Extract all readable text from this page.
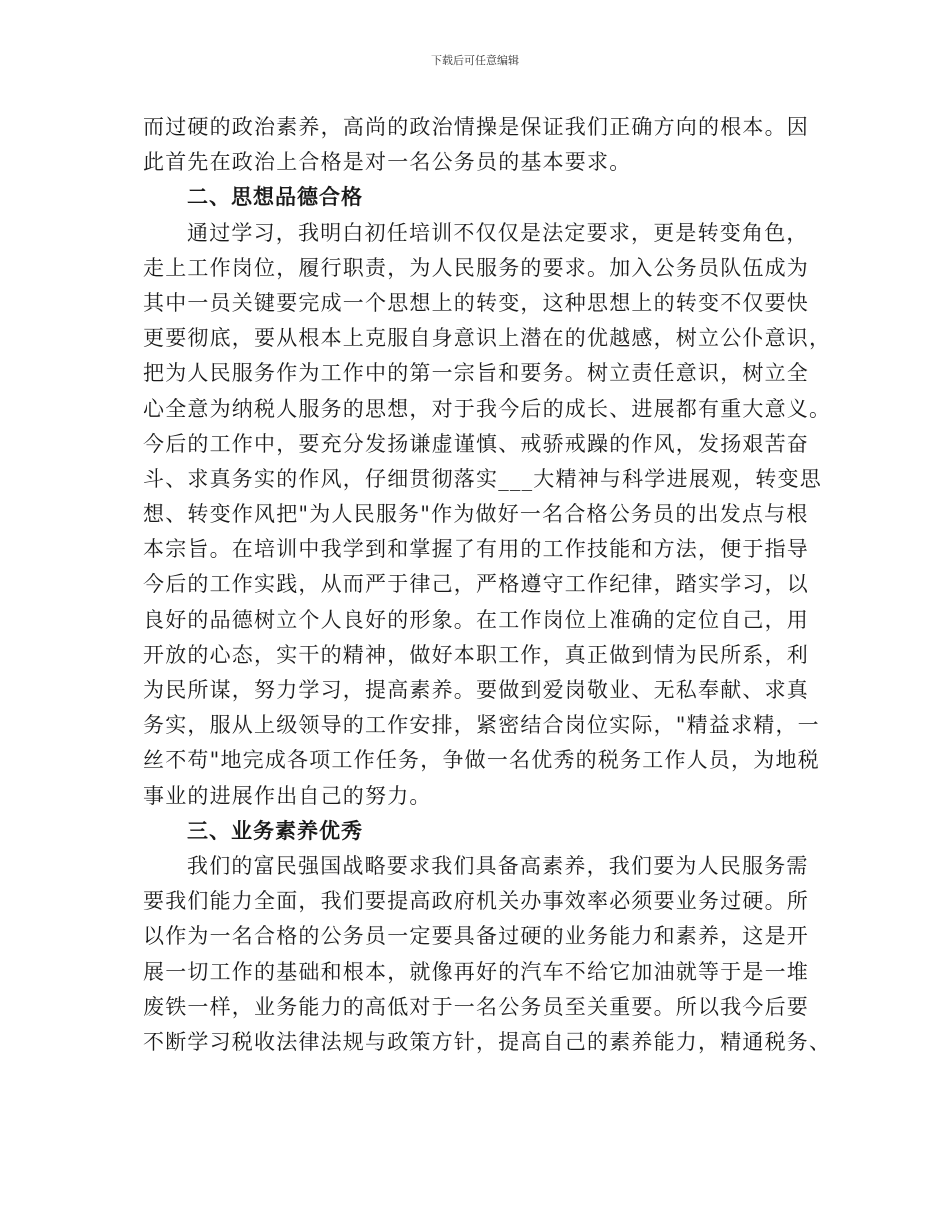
下载后可任意编辑
而过硬的政治素养，高尚的政治情操是保证我们正确方向的根本。因
此首先在政治上合格是对一名公务员的基本要求。
二、思想品德合格
通过学习，我明白初任培训不仅仅是法定要求，更是转变角色，
走上工作岗位，履行职责，为人民服务的要求。加入公务员队伍成为
其中一员关键要完成一个思想上的转变，这种思想上的转变不仅要快
更要彻底，要从根本上克服自身意识上潜在的优越感，树立公仆意识，
把为人民服务作为工作中的第一宗旨和要务。树立责任意识，树立全
心全意为纳税人服务的思想，对于我今后的成长、进展都有重大意义。
今后的工作中，要充分发扬谦虚谨慎、戒骄戒躁的作风，发扬艰苦奋
斗、求真务实的作风，仔细贯彻落实___大精神与科学进展观，转变思
想、转变作风把"为人民服务"作为做好一名合格公务员的出发点与根
本宗旨。在培训中我学到和掌握了有用的工作技能和方法，便于指导
今后的工作实践，从而严于律己，严格遵守工作纪律，踏实学习，以
良好的品德树立个人良好的形象。在工作岗位上准确的定位自己，用
开放的心态，实干的精神，做好本职工作，真正做到情为民所系，利
为民所谋，努力学习，提高素养。要做到爱岗敬业、无私奉献、求真
务实，服从上级领导的工作安排，紧密结合岗位实际，"精益求精，一
丝不苟"地完成各项工作任务，争做一名优秀的税务工作人员，为地税
事业的进展作出自己的努力。
三、业务素养优秀
我们的富民强国战略要求我们具备高素养，我们要为人民服务需
要我们能力全面，我们要提高政府机关办事效率必须要业务过硬。所
以作为一名合格的公务员一定要具备过硬的业务能力和素养，这是开
展一切工作的基础和根本，就像再好的汽车不给它加油就等于是一堆
废铁一样，业务能力的高低对于一名公务员至关重要。所以我今后要
不断学习税收法律法规与政策方针，提高自己的素养能力，精通税务、
